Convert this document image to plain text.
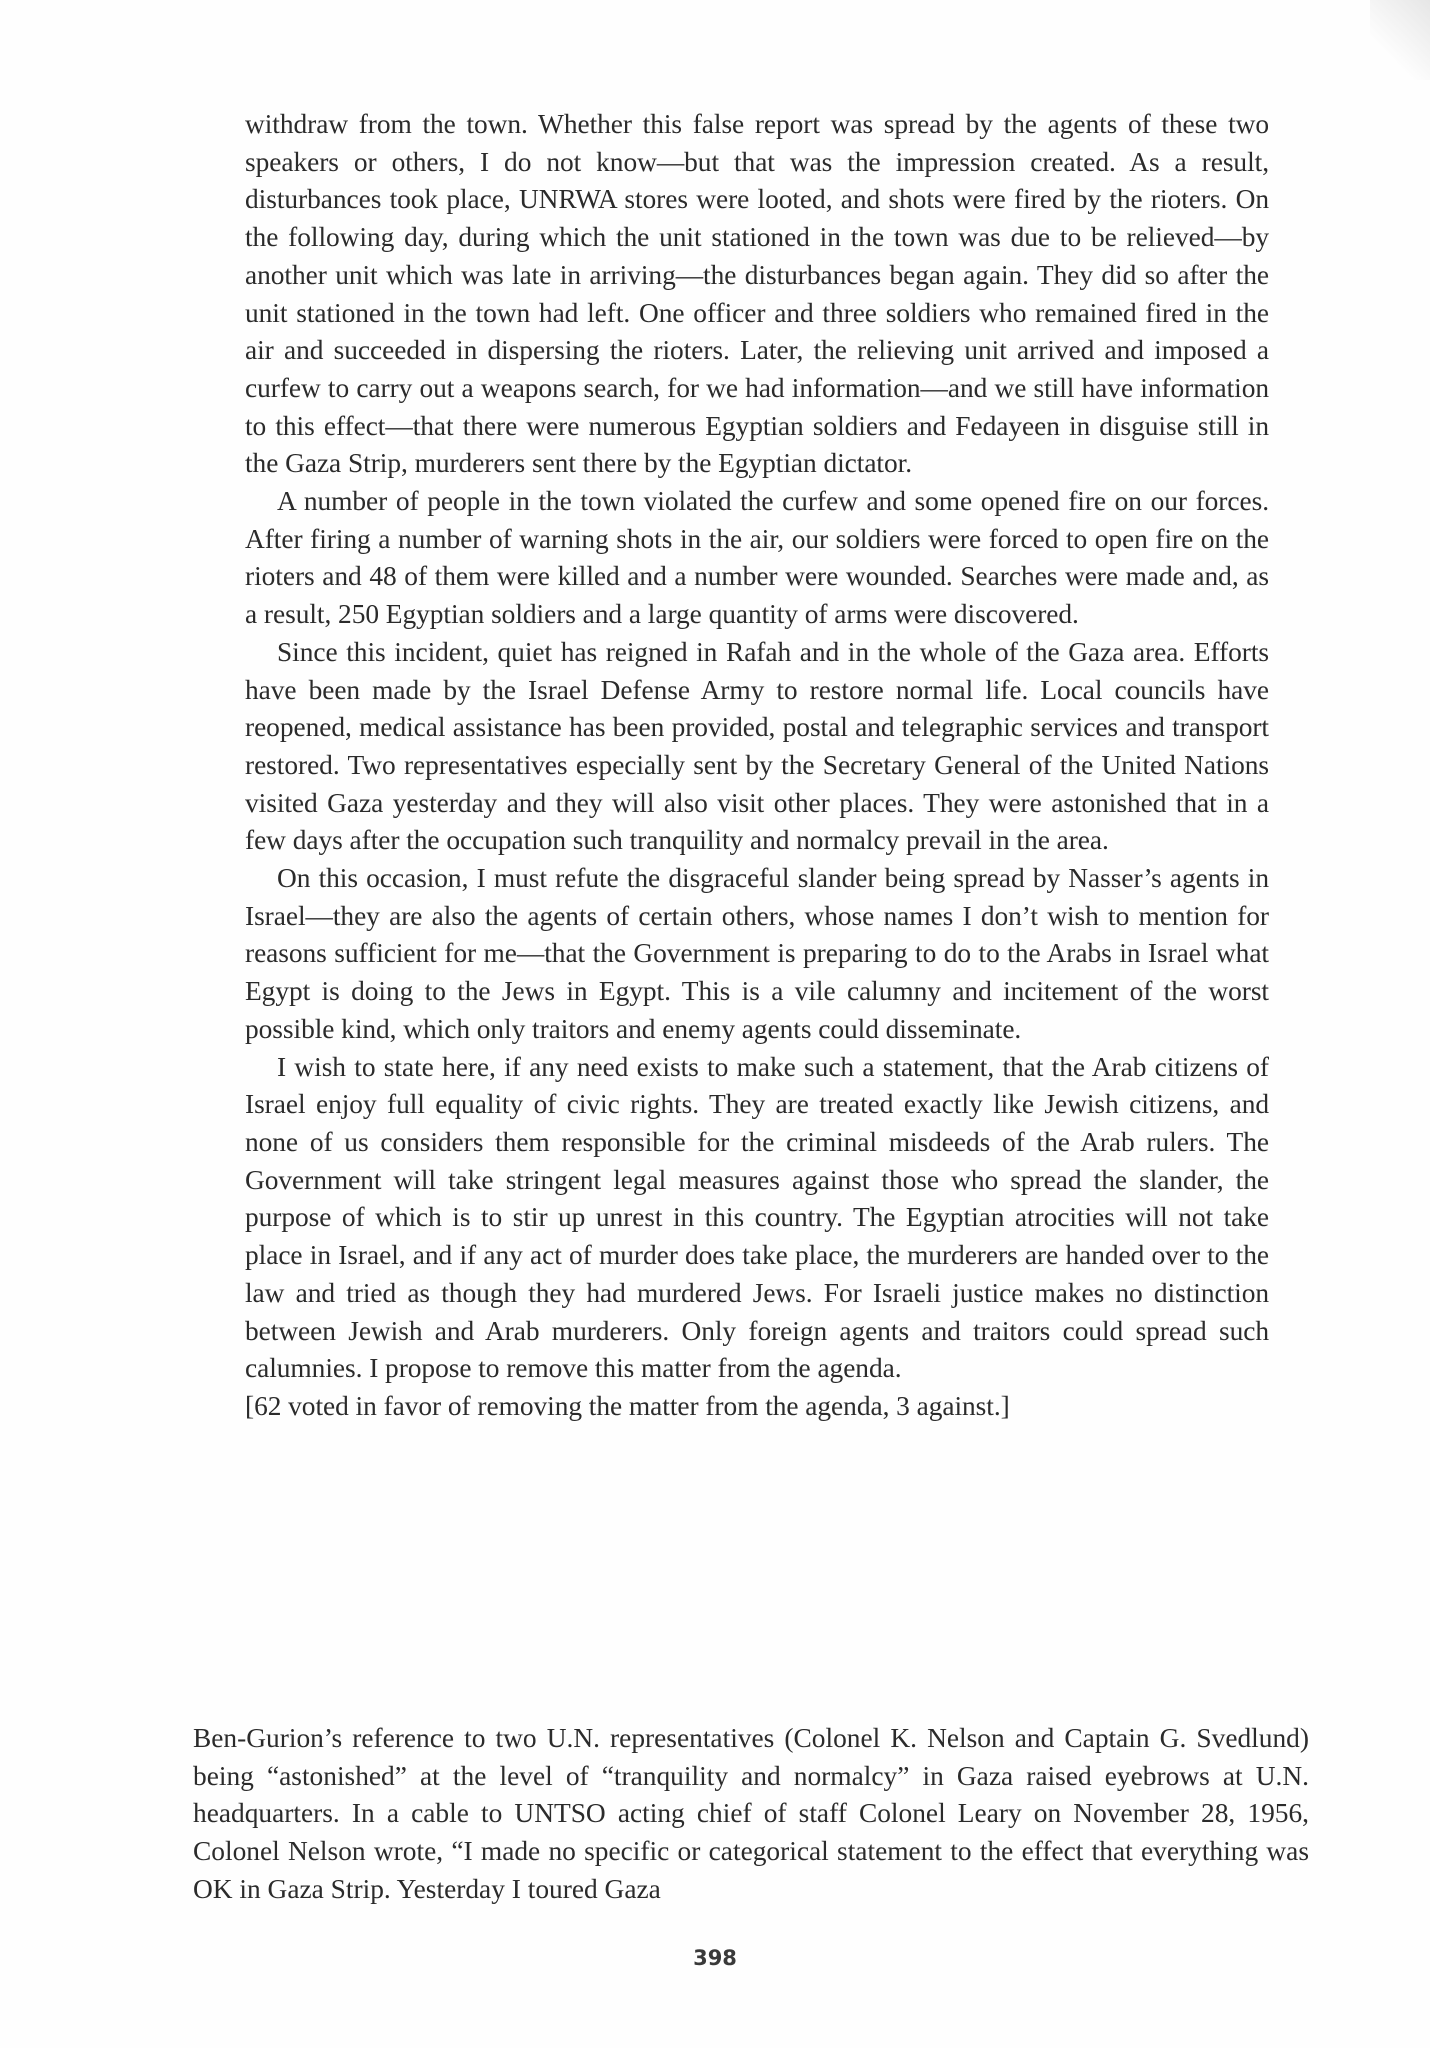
withdraw from the town. Whether this false report was spread by the agents of these two speakers or others, I do not know—but that was the impression created. As a result, disturbances took place, UNRWA stores were looted, and shots were fired by the rioters. On the following day, during which the unit stationed in the town was due to be relieved—by another unit which was late in arriving—the disturbances began again. They did so after the unit stationed in the town had left. One officer and three soldiers who remained fired in the air and succeeded in dispersing the rioters. Later, the relieving unit arrived and imposed a curfew to carry out a weapons search, for we had information—and we still have information to this effect—that there were numerous Egyptian soldiers and Fedayeen in disguise still in the Gaza Strip, murderers sent there by the Egyptian dictator.

A number of people in the town violated the curfew and some opened fire on our forces. After firing a number of warning shots in the air, our soldiers were forced to open fire on the rioters and 48 of them were killed and a number were wounded. Searches were made and, as a result, 250 Egyptian soldiers and a large quantity of arms were discovered.

Since this incident, quiet has reigned in Rafah and in the whole of the Gaza area. Efforts have been made by the Israel Defense Army to restore normal life. Local councils have reopened, medical assistance has been provided, postal and telegraphic services and transport restored. Two representatives especially sent by the Secretary General of the United Nations visited Gaza yesterday and they will also visit other places. They were astonished that in a few days after the occupation such tranquility and normalcy prevail in the area.

On this occasion, I must refute the disgraceful slander being spread by Nasser’s agents in Israel—they are also the agents of certain others, whose names I don’t wish to mention for reasons sufficient for me—that the Government is preparing to do to the Arabs in Israel what Egypt is doing to the Jews in Egypt. This is a vile calumny and incitement of the worst possible kind, which only traitors and enemy agents could disseminate.

I wish to state here, if any need exists to make such a statement, that the Arab citizens of Israel enjoy full equality of civic rights. They are treated exactly like Jewish citizens, and none of us considers them responsible for the criminal misdeeds of the Arab rulers. The Government will take stringent legal measures against those who spread the slander, the purpose of which is to stir up unrest in this country. The Egyptian atrocities will not take place in Israel, and if any act of murder does take place, the murderers are handed over to the law and tried as though they had murdered Jews. For Israeli justice makes no distinction between Jewish and Arab murderers. Only foreign agents and traitors could spread such calumnies. I propose to remove this matter from the agenda.

[62 voted in favor of removing the matter from the agenda, 3 against.]

Ben-Gurion’s reference to two U.N. representatives (Colonel K. Nelson and Captain G. Svedlund) being “astonished” at the level of “tranquility and normalcy” in Gaza raised eyebrows at U.N. headquarters. In a cable to UNTSO acting chief of staff Colonel Leary on November 28, 1956, Colonel Nelson wrote, “I made no specific or categorical statement to the effect that everything was OK in Gaza Strip. Yesterday I toured Gaza

398
